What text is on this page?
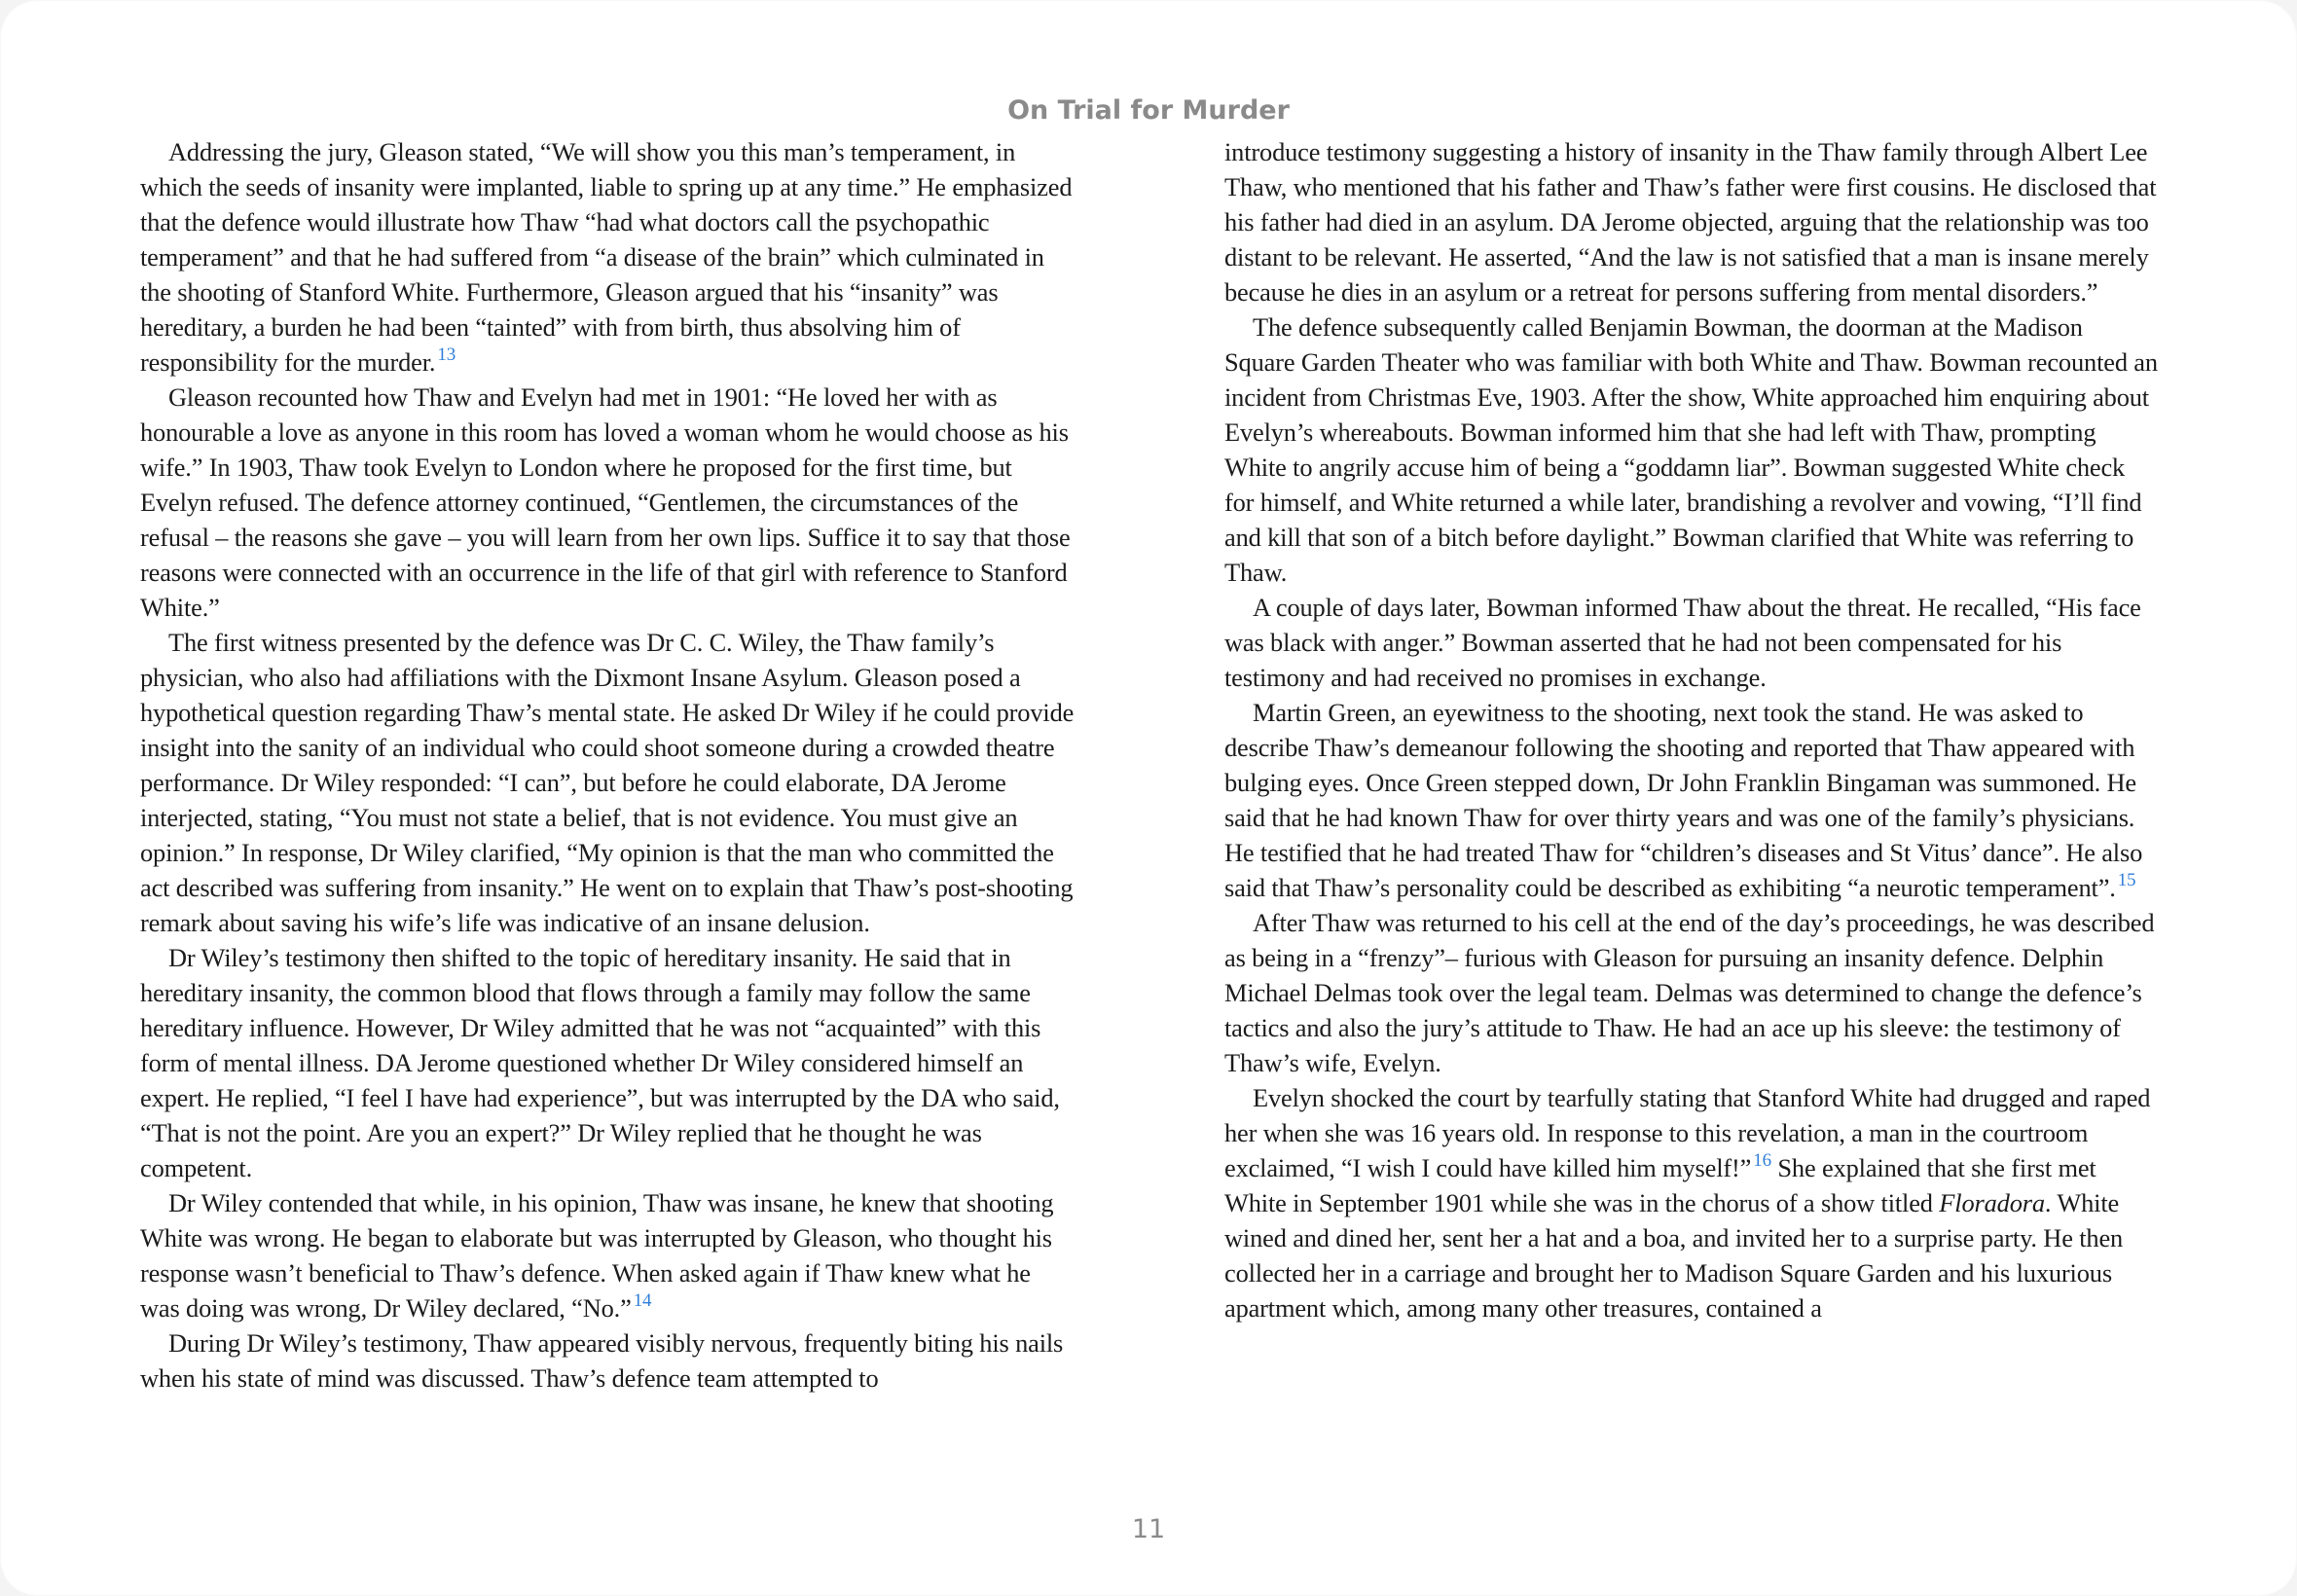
On Trial for Murder

Addressing the jury, Gleason stated, “We will show you this man’s temperament, in which the seeds of insanity were implanted, liable to spring up at any time.” He emphasized that the defence would illustrate how Thaw “had what doctors call the psychopathic temperament” and that he had suffered from “a disease of the brain” which culminated in the shooting of Stanford White. Furthermore, Gleason argued that his “insanity” was hereditary, a burden he had been “tainted” with from birth, thus absolving him of responsibility for the murder. $^{13}$

Gleason recounted how Thaw and Evelyn had met in 1901: “He loved her with as honourable a love as anyone in this room has loved a woman whom he would choose as his wife.” In 1903, Thaw took Evelyn to London where he proposed for the first time, but Evelyn refused. The defence attorney continued, “Gentlemen, the circumstances of the refusal – the reasons she gave – you will learn from her own lips. Suffice it to say that those reasons were connected with an occurrence in the life of that girl with reference to Stanford White.”

The first witness presented by the defence was Dr C. C. Wiley, the Thaw family’s physician, who also had affiliations with the Dixmont Insane Asylum. Gleason posed a hypothetical question regarding Thaw’s mental state. He asked Dr Wiley if he could provide insight into the sanity of an individual who could shoot someone during a crowded theatre performance. Dr Wiley responded: “I can”, but before he could elaborate, DA Jerome interjected, stating, “You must not state a belief, that is not evidence. You must give an opinion.” In response, Dr Wiley clarified, “My opinion is that the man who committed the act described was suffering from insanity.” He went on to explain that Thaw’s post-shooting remark about saving his wife’s life was indicative of an insane delusion.

Dr Wiley’s testimony then shifted to the topic of hereditary insanity. He said that in hereditary insanity, the common blood that flows through a family may follow the same hereditary influence. However, Dr Wiley admitted that he was not “acquainted” with this form of mental illness. DA Jerome questioned whether Dr Wiley considered himself an expert. He replied, “I feel I have had experience”, but was interrupted by the DA who said, “That is not the point. Are you an expert?” Dr Wiley replied that he thought he was competent.

Dr Wiley contended that while, in his opinion, Thaw was insane, he knew that shooting White was wrong. He began to elaborate but was interrupted by Gleason, who thought his response wasn’t beneficial to Thaw’s defence. When asked again if Thaw knew what he was doing was wrong, Dr Wiley declared, “No.” $^{14}$

During Dr Wiley’s testimony, Thaw appeared visibly nervous, frequently biting his nails when his state of mind was discussed. Thaw’s defence team attempted to

introduce testimony suggesting a history of insanity in the Thaw family through Albert Lee Thaw, who mentioned that his father and Thaw’s father were first cousins. He disclosed that his father had died in an asylum. DA Jerome objected, arguing that the relationship was too distant to be relevant. He asserted, “And the law is not satisfied that a man is insane merely because he dies in an asylum or a retreat for persons suffering from mental disorders.”

The defence subsequently called Benjamin Bowman, the doorman at the Madison Square Garden Theater who was familiar with both White and Thaw. Bowman recounted an incident from Christmas Eve, 1903. After the show, White approached him enquiring about Evelyn’s whereabouts. Bowman informed him that she had left with Thaw, prompting White to angrily accuse him of being a “goddamn liar”. Bowman suggested White check for himself, and White returned a while later, brandishing a revolver and vowing, “I’ll find and kill that son of a bitch before daylight.” Bowman clarified that White was referring to Thaw.

A couple of days later, Bowman informed Thaw about the threat. He recalled, “His face was black with anger.” Bowman asserted that he had not been compensated for his testimony and had received no promises in exchange.

Martin Green, an eyewitness to the shooting, next took the stand. He was asked to describe Thaw’s demeanour following the shooting and reported that Thaw appeared with bulging eyes. Once Green stepped down, Dr John Franklin Bingaman was summoned. He said that he had known Thaw for over thirty years and was one of the family’s physicians. He testified that he had treated Thaw for “children’s diseases and St Vitus’ dance”. He also said that Thaw’s personality could be described as exhibiting “a neurotic temperament”. $^{15}$

After Thaw was returned to his cell at the end of the day’s proceedings, he was described as being in a “frenzy”– furious with Gleason for pursuing an insanity defence. Delphin Michael Delmas took over the legal team. Delmas was determined to change the defence’s tactics and also the jury’s attitude to Thaw. He had an ace up his sleeve: the testimony of Thaw’s wife, Evelyn.

Evelyn shocked the court by tearfully stating that Stanford White had drugged and raped her when she was 16 years old. In response to this revelation, a man in the courtroom exclaimed, “I wish I could have killed him myself!” $^{16}$ She explained that she first met White in September 1901 while she was in the chorus of a show titled Floradora. White wined and dined her, sent her a hat and a boa, and invited her to a surprise party. He then collected her in a carriage and brought her to Madison Square Garden and his luxurious apartment which, among many other treasures, contained a

11
